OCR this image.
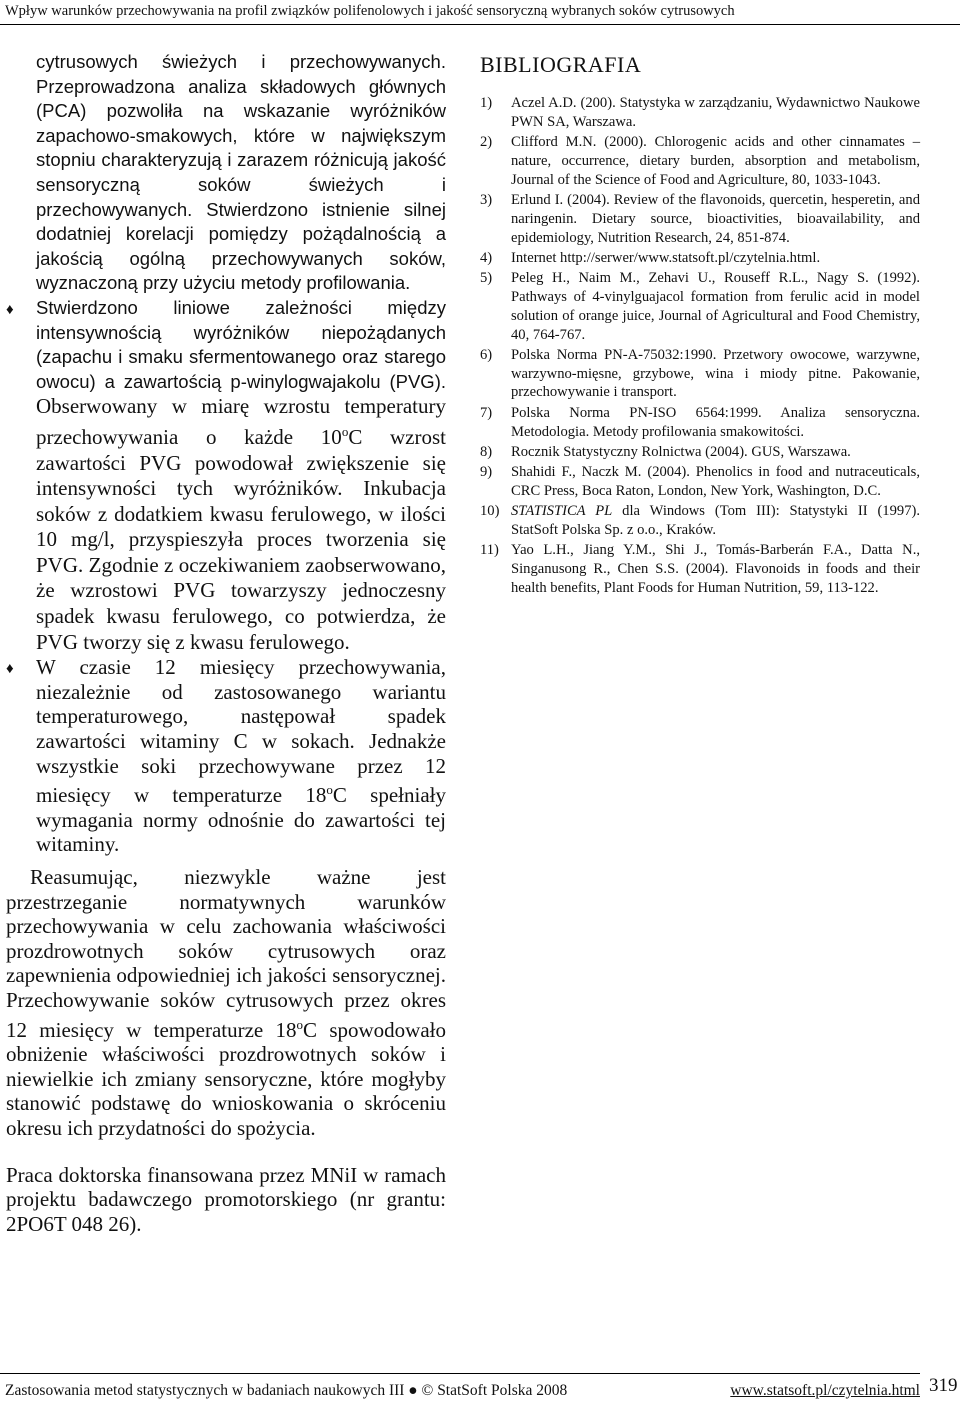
Wpływ warunków przechowywania na profil związków polifenolowych i jakość sensoryczną wybranych soków cytrusowych

cytrusowych świeżych i przechowywanych. Przeprowadzona analiza składowych głównych (PCA) pozwoliła na wskazanie wyróżników zapachowo-smakowych, które w największym stopniu charakteryzują i zarazem różnicują jakość sensoryczną soków świeżych i przechowywanych. Stwierdzono istnienie silnej dodatniej korelacji pomiędzy pożądalnością a jakością ogólną przechowywanych soków, wyznaczoną przy użyciu metody profilowania.

♦ Stwierdzono liniowe zależności między intensywnością wyróżników niepożądanych (zapachu i smaku sfermentowanego oraz starego owocu) a zawartością p-winylogwajakolu (PVG). Obserwowany w miarę wzrostu temperatury przechowywania o każde 10$^o$C wzrost zawartości PVG powodował zwiększenie się intensywności tych wyróżników. Inkubacja soków z dodatkiem kwasu ferulowego, w ilości 10 mg/l, przyspieszyła proces tworzenia się PVG. Zgodnie z oczekiwaniem zaobserwowano, że wzrostowi PVG towarzyszy jednoczesny spadek kwasu ferulowego, co potwierdza, że PVG tworzy się z kwasu ferulowego.

♦ W czasie 12 miesięcy przechowywania, niezależnie od zastosowanego wariantu temperaturowego, następował spadek zawartości witaminy C w sokach. Jednakże wszystkie soki przechowywane przez 12 miesięcy w temperaturze 18$^o$C spełniały wymagania normy odnośnie do zawartości tej witaminy.

Reasumując, niezwykle ważne jest przestrzeganie normatywnych warunków przechowywania w celu zachowania właściwości prozdrowotnych soków cytrusowych oraz zapewnienia odpowiedniej ich jakości sensorycznej. Przechowywanie soków cytrusowych przez okres 12 miesięcy w temperaturze 18$^o$C spowodowało obniżenie właściwości prozdrowotnych soków i niewielkie ich zmiany sensoryczne, które mogłyby stanowić podstawę do wnioskowania o skróceniu okresu ich przydatności do spożycia.

Praca doktorska finansowana przez MNiI w ramach projektu badawczego promotorskiego (nr grantu: 2PO6T 048 26).

BIBLIOGRAFIA

1) Aczel A.D. (200). Statystyka w zarządzaniu, Wydawnictwo Naukowe PWN SA, Warszawa.

2) Clifford M.N. (2000). Chlorogenic acids and other cinnamates – nature, occurrence, dietary burden, absorption and metabolism, Journal of the Science of Food and Agriculture, 80, 1033-1043.

3) Erlund I. (2004). Review of the flavonoids, quercetin, hesperetin, and naringenin. Dietary source, bioactivities, bioavailability, and epidemiology, Nutrition Research, 24, 851-874.

4) Internet http://serwer/www.statsoft.pl/czytelnia.html.

5) Peleg H., Naim M., Zehavi U., Rouseff R.L., Nagy S. (1992). Pathways of 4-vinylguajacol formation from ferulic acid in model solution of orange juice, Journal of Agricultural and Food Chemistry, 40, 764-767.

6) Polska Norma PN-A-75032:1990. Przetwory owocowe, warzywne, warzywno-mięsne, grzybowe, wina i miody pitne. Pakowanie, przechowywanie i transport.

7) Polska Norma PN-ISO 6564:1999. Analiza sensoryczna. Metodologia. Metody profilowania smakowitości.

8) Rocznik Statystyczny Rolnictwa (2004). GUS, Warszawa.

9) Shahidi F., Naczk M. (2004). Phenolics in food and nutraceuticals, CRC Press, Boca Raton, London, New York, Washington, D.C.

10) STATISTICA PL dla Windows (Tom III): Statystyki II (1997). StatSoft Polska Sp. z o.o., Kraków.

11) Yao L.H., Jiang Y.M., Shi J., Tomás-Barberán F.A., Datta N., Singanusong R., Chen S.S. (2004). Flavonoids in foods and their health benefits, Plant Foods for Human Nutrition, 59, 113-122.

Zastosowania metod statystycznych w badaniach naukowych III ● © StatSoft Polska 2008	www.statsoft.pl/czytelnia.html 319
